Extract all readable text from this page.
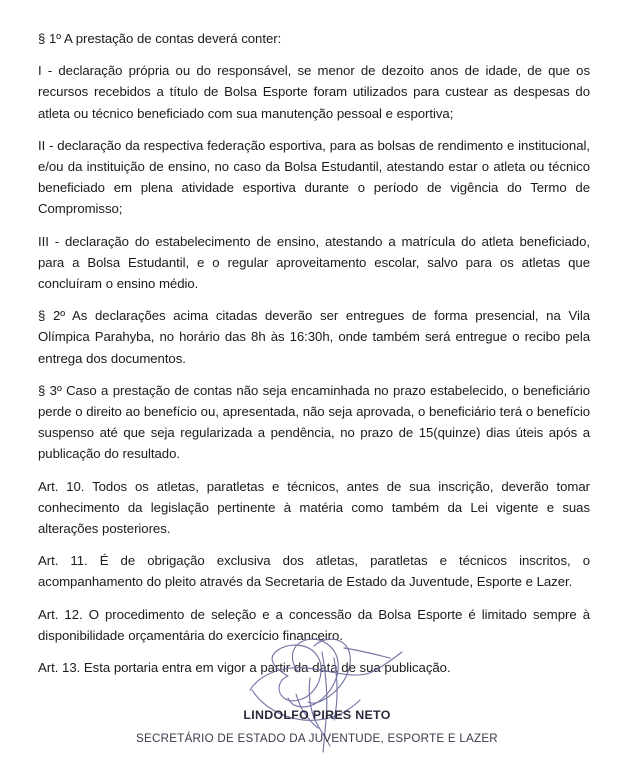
§ 1º A prestação de contas deverá conter:

I - declaração própria ou do responsável, se menor de dezoito anos de idade, de que os recursos recebidos a título de Bolsa Esporte foram utilizados para custear as despesas do atleta ou técnico beneficiado com sua manutenção pessoal e esportiva;

II - declaração da respectiva federação esportiva, para as bolsas de rendimento e institucional, e/ou da instituição de ensino, no caso da Bolsa Estudantil, atestando estar o atleta ou técnico beneficiado em plena atividade esportiva durante o período de vigência do Termo de Compromisso;

III - declaração do estabelecimento de ensino, atestando a matrícula do atleta beneficiado, para a Bolsa Estudantil, e o regular aproveitamento escolar, salvo para os atletas que concluíram o ensino médio.

§ 2º As declarações acima citadas deverão ser entregues de forma presencial, na Vila Olímpica Parahyba, no horário das 8h às 16:30h, onde também será entregue o recibo pela entrega dos documentos.

§ 3º Caso a prestação de contas não seja encaminhada no prazo estabelecido, o beneficiário perde o direito ao benefício ou, apresentada, não seja aprovada, o beneficiário terá o benefício suspenso até que seja regularizada a pendência, no prazo de 15(quinze) dias úteis após a publicação do resultado.

Art. 10. Todos os atletas, paratletas e técnicos, antes de sua inscrição, deverão tomar conhecimento da legislação pertinente à matéria como também da Lei vigente e suas alterações posteriores.

Art. 11. É de obrigação exclusiva dos atletas, paratletas e técnicos inscritos, o acompanhamento do pleito através da Secretaria de Estado da Juventude, Esporte e Lazer.

Art. 12. O procedimento de seleção e a concessão da Bolsa Esporte é limitado sempre à disponibilidade orçamentária do exercício financeiro.

Art. 13. Esta portaria entra em vigor a partir da data de sua publicação.

LINDOLFO PIRES NETO
SECRETÁRIO DE ESTADO DA JUVENTUDE, ESPORTE E LAZER
